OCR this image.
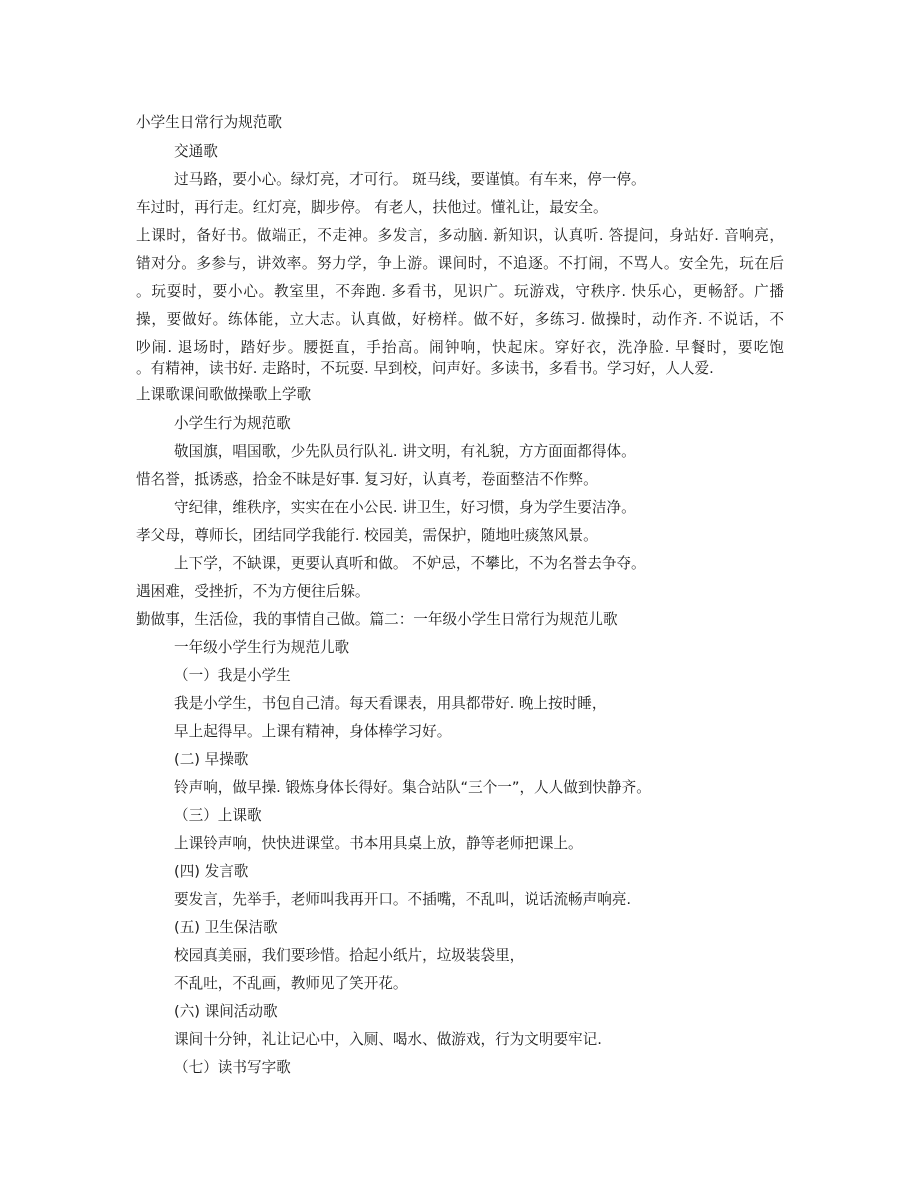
小学生日常行为规范歌
交通歌
过马路，要小心。绿灯亮，才可行。 斑马线，要谨慎。有车来，停一停。
车过时，再行走。红灯亮，脚步停。 有老人，扶他过。懂礼让，最安全。
上课时，备好书。做端正，不走神。多发言，多动脑. 新知识，认真听. 答提问，身站好. 音响亮，
错对分。多参与，讲效率。努力学，争上游。课间时，不追逐。不打闹，不骂人。安全先，玩在后
。玩耍时，要小心。教室里，不奔跑. 多看书，见识广。玩游戏，守秩序. 快乐心，更畅舒。广播
操，要做好。练体能，立大志。认真做，好榜样。做不好，多练习. 做操时，动作齐. 不说话，不
吵闹. 退场时，踏好步。腰挺直，手抬高。闹钟响，快起床。穿好衣，洗净脸. 早餐时，要吃饱
。有精神，读书好. 走路时，不玩耍. 早到校，问声好。多读书，多看书。学习好，人人爱.
上课歌课间歌做操歌上学歌
小学生行为规范歌
敬国旗，唱国歌，少先队员行队礼. 讲文明，有礼貌，方方面面都得体。
惜名誉，抵诱惑，拾金不昧是好事. 复习好，认真考，卷面整洁不作弊。
守纪律，维秩序，实实在在小公民. 讲卫生，好习惯，身为学生要洁净。
孝父母，尊师长，团结同学我能行. 校园美，需保护，随地吐痰煞风景。
上下学，不缺课，更要认真听和做。 不妒忌，不攀比，不为名誉去争夺。
遇困难，受挫折，不为方便往后躲。
勤做事，生活俭，我的事情自己做。篇二：一年级小学生日常行为规范儿歌
一年级小学生行为规范儿歌
（一）我是小学生
我是小学生，书包自己清。每天看课表，用具都带好. 晚上按时睡，
早上起得早。上课有精神，身体棒学习好。
(二) 早操歌
铃声响，做早操. 锻炼身体长得好。集合站队“三个一”，人人做到快静齐。
（三）上课歌
上课铃声响，快快进课堂。书本用具桌上放，静等老师把课上。
(四) 发言歌
要发言，先举手，老师叫我再开口。不插嘴，不乱叫，说话流畅声响亮.
(五) 卫生保洁歌
校园真美丽，我们要珍惜。拾起小纸片，垃圾装袋里，
不乱吐，不乱画，教师见了笑开花。
(六) 课间活动歌
课间十分钟，礼让记心中，入厕、喝水、做游戏，行为文明要牢记.
（七）读书写字歌
